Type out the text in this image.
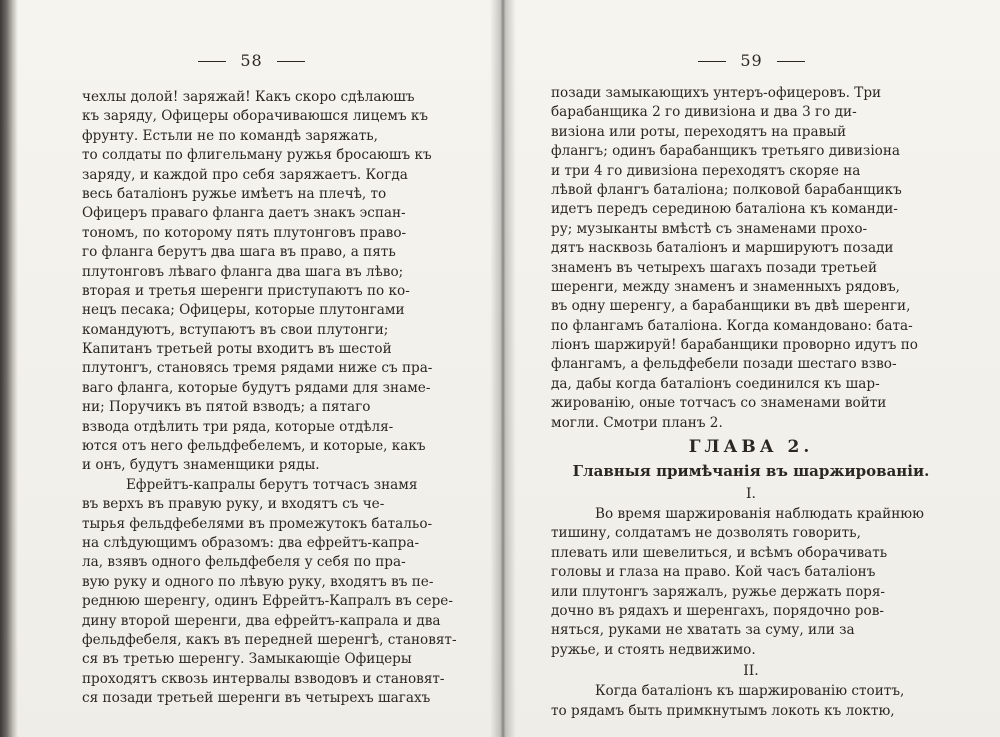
58
чехлы долой! заряжай! Какъ скоро сдѣлаюшъ
къ заряду, Офицеры оборачиваюшся лицемъ къ
фрунту. Естьли не по командѣ заряжать,
то солдаты по флигельману ружья бросаюшъ къ
заряду, и каждой про себя заряжаетъ. Когда
весь баталіонъ ружье имѣетъ на плечѣ, то
Офицеръ праваго фланга даетъ знакъ эспан-
тономъ, по которому пять плутонговъ право-
го фланга берутъ два шага въ право, а пять
плутонговъ лѣваго фланга два шага въ лѣво;
вторая и третья шеренги приступаютъ по ко-
нецъ песака; Офицеры, которые плутонгами
командуютъ, вступаютъ въ свои плутонги;
Капитанъ третьей роты входитъ въ шестой
плутонгъ, становясь тремя рядами ниже съ пра-
ваго фланга, которые будутъ рядами для знаме-
ни; Поручикъ въ пятой взводъ; а пятаго
взвода отдѣлить три ряда, которые отдѣля-
ются отъ него фельдфебелемъ, и которые, какъ
и онъ, будутъ знаменщики ряды.
Ефрейтъ-капралы берутъ тотчасъ знамя
въ верхъ въ правую руку, и входятъ съ че-
тырья фельдфебелями въ промежутокъ батальо-
на слѣдующимъ образомъ: два ефрейтъ-капра-
ла, взявъ одного фельдфебеля у себя по пра-
вую руку и одного по лѣвую руку, входятъ въ пе-
реднюю шеренгу, одинъ Ефрейтъ-Капралъ въ сере-
дину второй шеренги, два ефрейтъ-капрала и два
фельдфебеля, какъ въ передней шеренгѣ, становят-
ся въ третью шеренгу. Замыкающіе Офицеры
проходятъ сквозь интервалы взводовъ и становят-
ся позади третьей шеренги въ четырехъ шагахъ
59
позади замыкающихъ унтеръ-офицеровъ. Три
барабанщика 2 го дивизіона и два 3 го ди-
визіона или роты, переходятъ на правый
флангъ; одинъ барабанщикъ третьяго дивизіона
и три 4 го дивизіона переходятъ скоряе на
лѣвой флангъ баталіона; полковой барабанщикъ
идетъ передъ серединою баталіона къ команди-
ру; музыканты вмѣстѣ съ знаменами прохо-
дятъ насквозь баталіонъ и маршируютъ позади
знаменъ въ четырехъ шагахъ позади третьей
шеренги, между знаменъ и знаменныхъ рядовъ,
въ одну шеренгу, а барабанщики въ двѣ шеренги,
по флангамъ баталіона. Когда командовано: бата-
ліонъ шаржируй! барабанщики проворно идутъ по
флангамъ, а фельдфебели позади шестаго взво-
да, дабы когда баталіонъ соединился къ шар-
жированію, оные тотчасъ со знаменами войти
могли. Смотри планъ 2.
ГЛАВА 2.
Главныя примѣчанія въ шаржированіи.
I.
Во время шаржированія наблюдать крайнюю
тишину, солдатамъ не дозволять говорить,
плевать или шевелиться, и всѣмъ оборачивать
головы и глаза на право. Кой часъ баталіонъ
или плутонгъ заряжалъ, ружье держать поря-
дочно въ рядахъ и шеренгахъ, порядочно ров-
няться, руками не хватать за суму, или за
ружье, и стоять недвижимо.
II.
Когда баталіонъ къ шаржированію стоитъ,
то рядамъ быть примкнутымъ локоть къ локтю,
